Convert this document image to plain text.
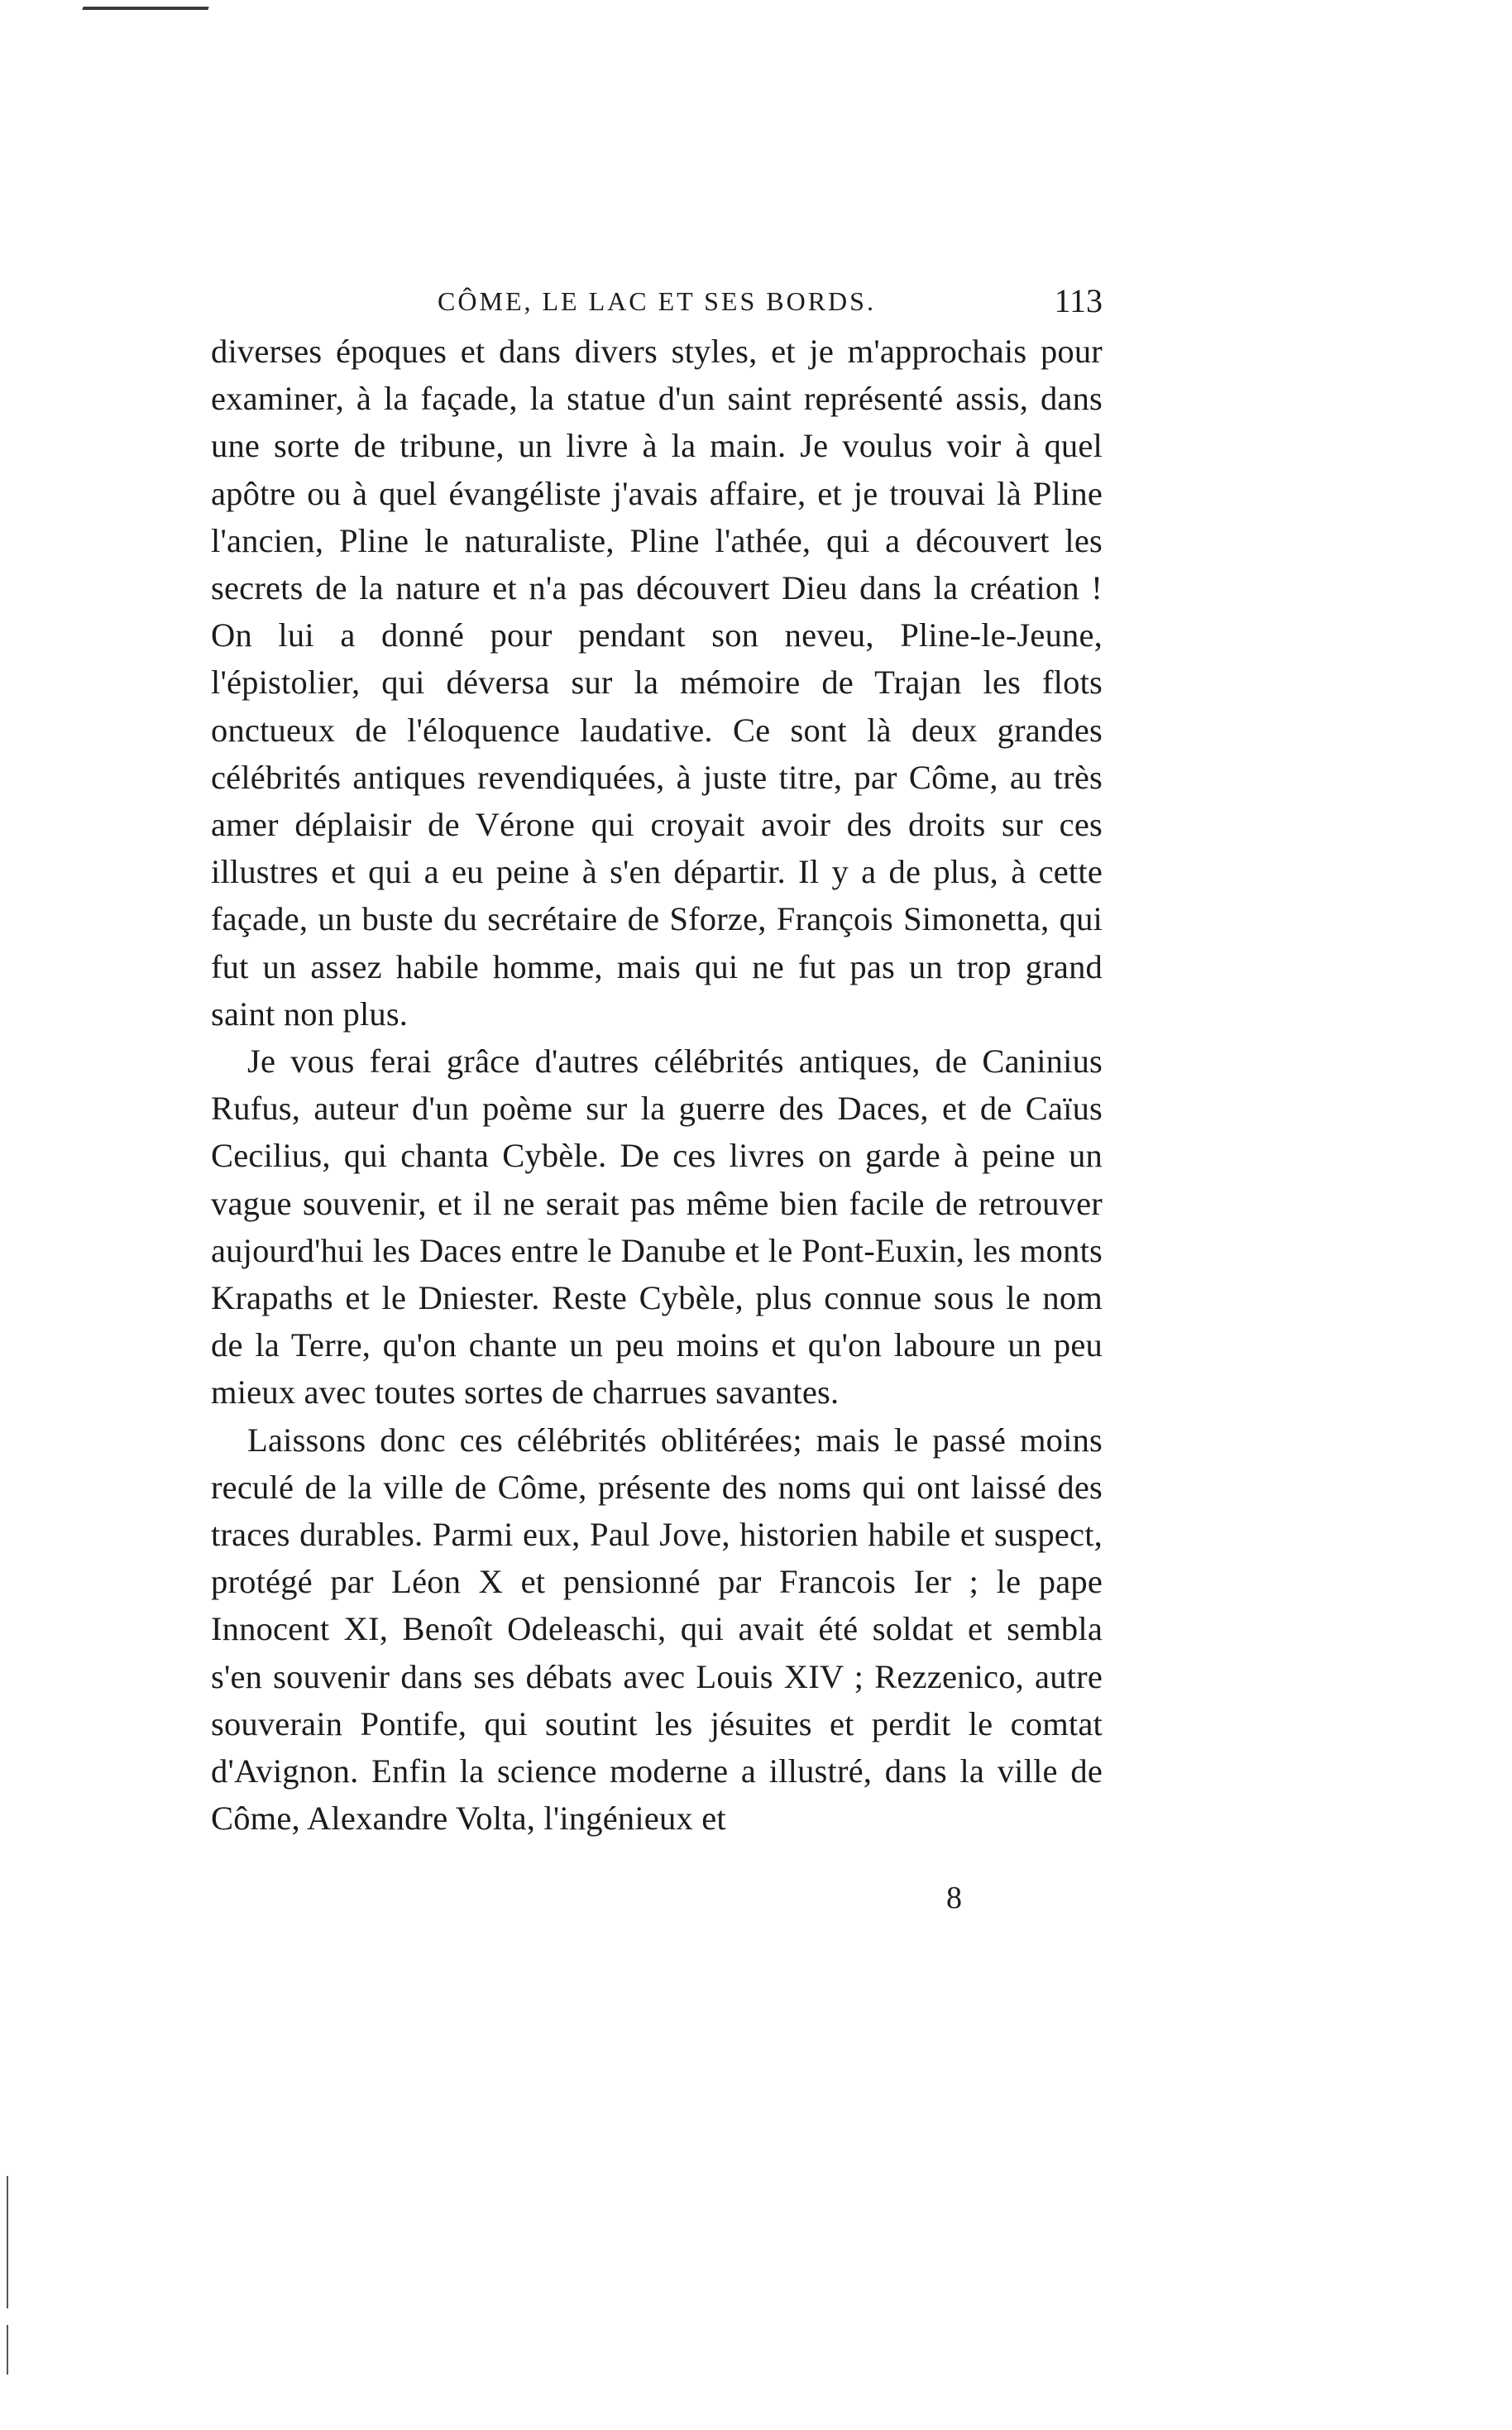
CÔME, LE LAC ET SES BORDS.	113

diverses époques et dans divers styles, et je m'approchais pour examiner, à la façade, la statue d'un saint représenté assis, dans une sorte de tribune, un livre à la main. Je voulus voir à quel apôtre ou à quel évangéliste j'avais affaire, et je trouvai là Pline l'ancien, Pline le naturaliste, Pline l'athée, qui a découvert les secrets de la nature et n'a pas découvert Dieu dans la création ! On lui a donné pour pendant son neveu, Pline-le-Jeune, l'épistolier, qui déversa sur la mémoire de Trajan les flots onctueux de l'éloquence laudative. Ce sont là deux grandes célébrités antiques revendiquées, à juste titre, par Côme, au très amer déplaisir de Vérone qui croyait avoir des droits sur ces illustres et qui a eu peine à s'en départir. Il y a de plus, à cette façade, un buste du secrétaire de Sforze, François Simonetta, qui fut un assez habile homme, mais qui ne fut pas un trop grand saint non plus.

Je vous ferai grâce d'autres célébrités antiques, de Caninius Rufus, auteur d'un poème sur la guerre des Daces, et de Caïus Cecilius, qui chanta Cybèle. De ces livres on garde à peine un vague souvenir, et il ne serait pas même bien facile de retrouver aujourd'hui les Daces entre le Danube et le Pont-Euxin, les monts Krapaths et le Dniester. Reste Cybèle, plus connue sous le nom de la Terre, qu'on chante un peu moins et qu'on laboure un peu mieux avec toutes sortes de charrues savantes.

Laissons donc ces célébrités oblitérées; mais le passé moins reculé de la ville de Côme, présente des noms qui ont laissé des traces durables. Parmi eux, Paul Jove, historien habile et suspect, protégé par Léon X et pensionné par Francois Ier ; le pape Innocent XI, Benoît Odeleaschi, qui avait été soldat et sembla s'en souvenir dans ses débats avec Louis XIV ; Rezzenico, autre souverain Pontife, qui soutint les jésuites et perdit le comtat d'Avignon. Enfin la science moderne a illustré, dans la ville de Côme, Alexandre Volta, l'ingénieux et

8
